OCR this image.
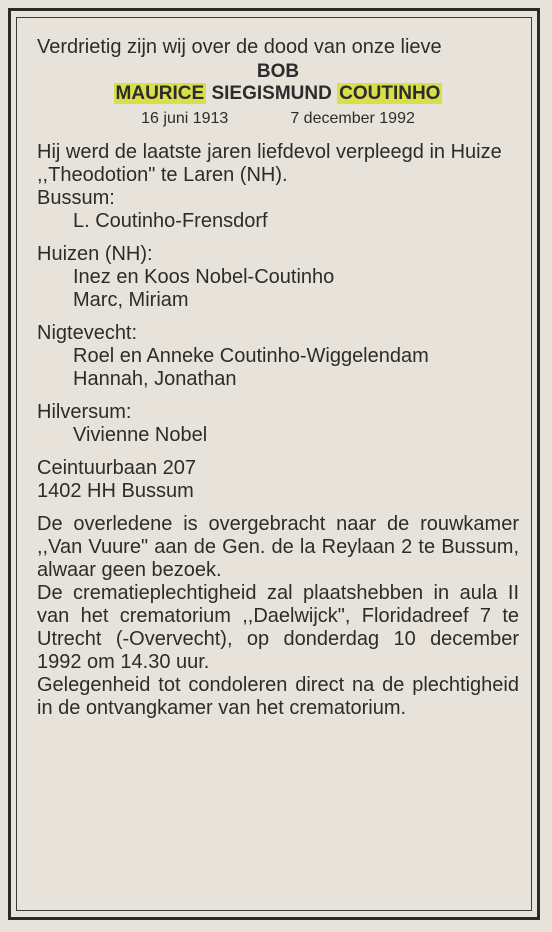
Verdrietig zijn wij over de dood van onze lieve

BOB

MAURICE SIEGISMUND COUTINHO

16 juni 1913	7 december 1992

Hij werd de laatste jaren liefdevol verpleegd in Huize ,,Theodotion" te Laren (NH).

Bussum:

L. Coutinho-Frensdorf

Huizen (NH):

Inez en Koos Nobel-Coutinho

Marc, Miriam

Nigtevecht:

Roel en Anneke Coutinho-Wiggelendam

Hannah, Jonathan

Hilversum:

Vivienne Nobel

Ceintuurbaan 207

1402 HH Bussum

De overledene is overgebracht naar de rouwkamer ,,Van Vuure" aan de Gen. de la Reylaan 2 te Bussum, alwaar geen bezoek.

De crematieplechtigheid zal plaatshebben in aula II van het crematorium ,,Daelwijck", Floridadreef 7 te Utrecht (-Overvecht), op donderdag 10 december 1992 om 14.30 uur.

Gelegenheid tot condoleren direct na de plechtigheid in de ontvangkamer van het crematorium.
